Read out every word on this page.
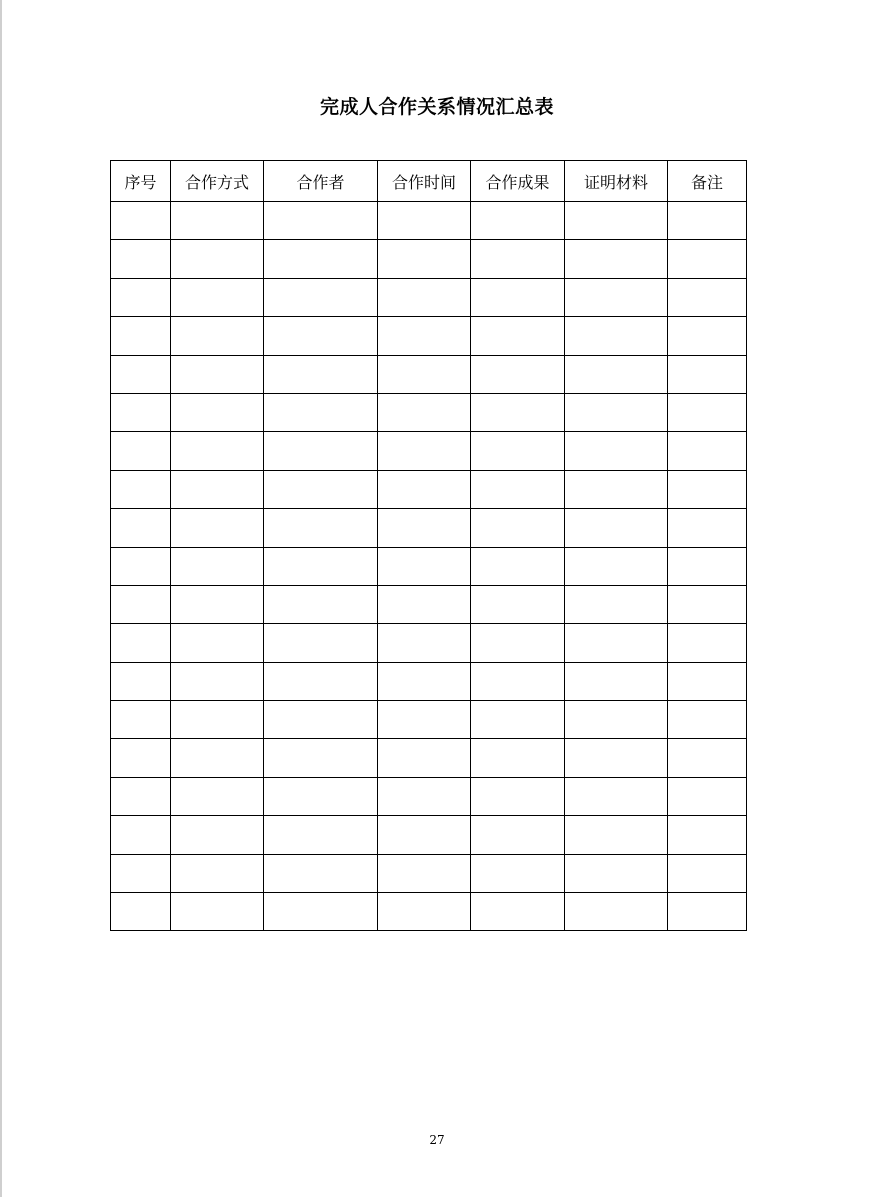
完成人合作关系情况汇总表
序号	合作方式	合作者	合作时间	合作成果	证明材料	备注

27
